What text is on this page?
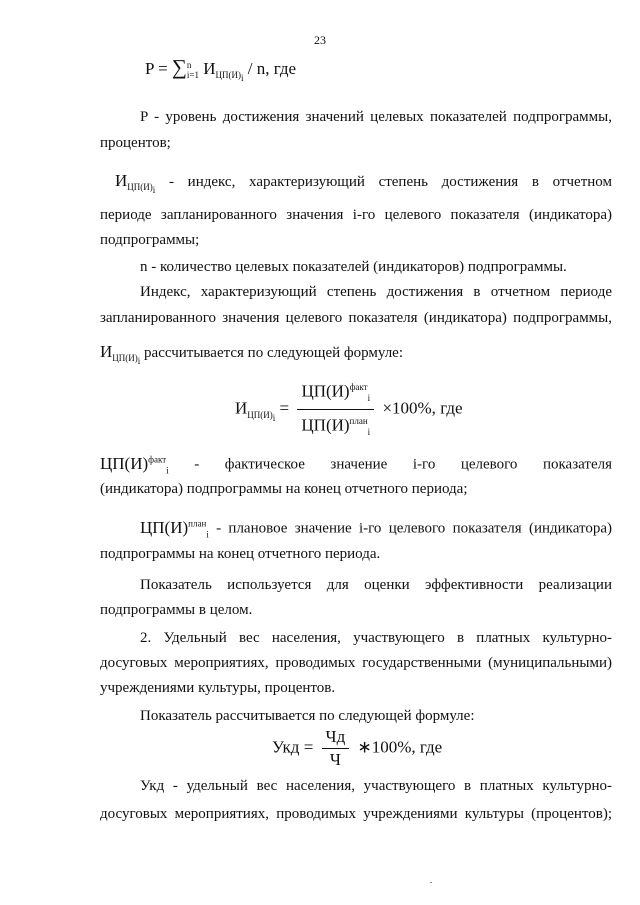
23
P = ∑ n
i=1 $И_{ЦП(И)_i}$ / n, где
P - уровень достижения значений целевых показателей подпрограммы,
процентов;
$И_{ЦП(И)_i}$ - индекс, характеризующий степень достижения в отчетном
периоде запланированного значения i-го целевого показателя (индикатора)
подпрограммы;
n - количество целевых показателей (индикаторов) подпрограммы.
Индекс, характеризующий степень достижения в отчетном периоде
запланированного значения целевого показателя (индикатора) подпрограммы,
$И_{ЦП(И)_i}$ рассчитывается по следующей формуле:
$И_{ЦП(И)_i} = \frac{ЦП(И)^{факт}_i}{ЦП(И)^{план}_i} \times 100\%$, где
$ЦП(И)^{факт}_i$ - фактическое значение i-го целевого показателя
(индикатора) подпрограммы на конец отчетного периода;
$ЦП(И)^{план}_i$ - плановое значение i-го целевого показателя (индикатора)
подпрограммы на конец отчетного периода.
Показатель используется для оценки эффективности реализации
подпрограммы в целом.
2. Удельный вес населения, участвующего в платных культурно-
досуговых мероприятиях, проводимых государственными (муниципальными)
учреждениями культуры, процентов.
Показатель рассчитывается по следующей формуле:
Укд = $\frac{Чд}{Ч}$ ∗100%, где
Укд - удельный вес населения, участвующего в платных культурно-
досуговых мероприятиях, проводимых учреждениями культуры (процентов);
